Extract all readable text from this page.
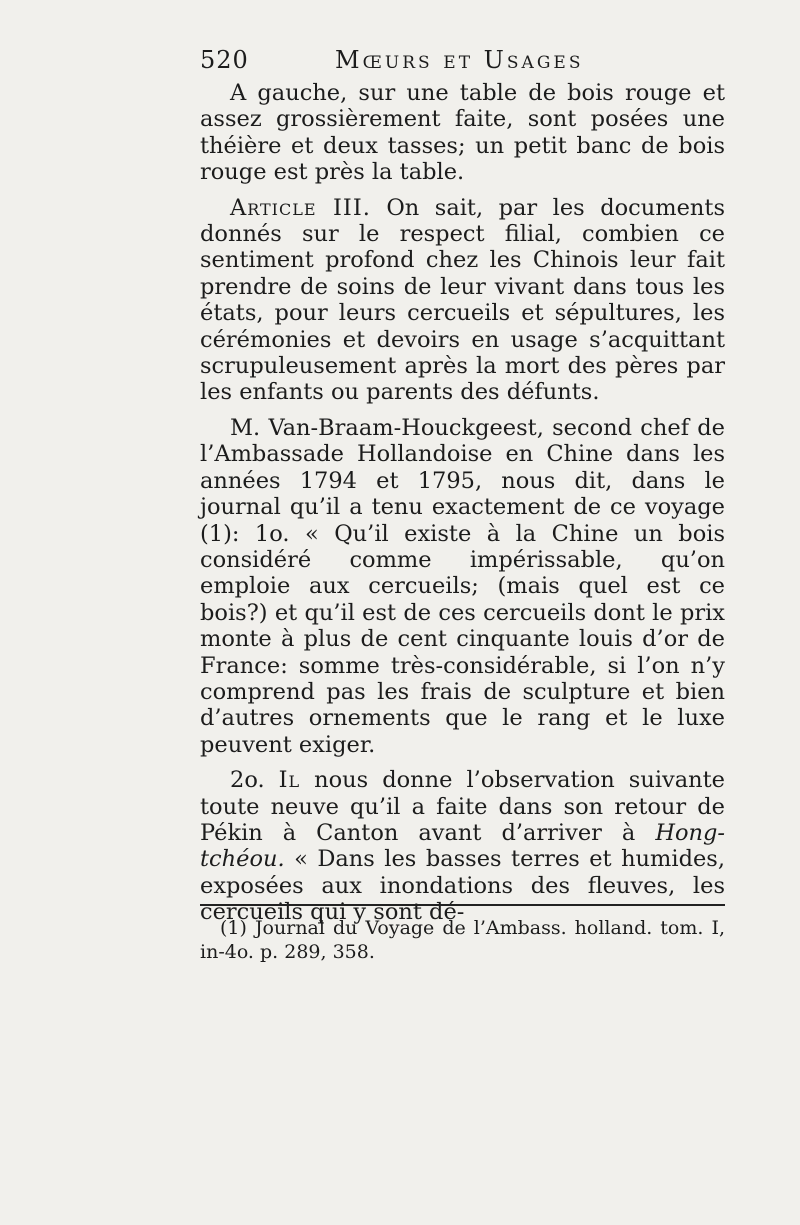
520	Mœurs et Usages

A gauche, sur une table de bois rouge et assez grossièrement faite, sont posées une théière et deux tasses; un petit banc de bois rouge est près la table.

Article III. On sait, par les documents donnés sur le respect filial, combien ce sentiment profond chez les Chinois leur fait prendre de soins de leur vivant dans tous les états, pour leurs cercueils et sépultures, les cérémonies et devoirs en usage s’acquittant scrupuleusement après la mort des pères par les enfants ou parents des défunts.

M. Van-Braam-Houckgeest, second chef de l’Ambassade Hollandoise en Chine dans les années 1794 et 1795, nous dit, dans le journal qu’il a tenu exactement de ce voyage (1): 1o. « Qu’il existe à la Chine un bois considéré comme impérissable, qu’on emploie aux cercueils; (mais quel est ce bois?) et qu’il est de ces cercueils dont le prix monte à plus de cent cinquante louis d’or de France: somme très-considérable, si l’on n’y comprend pas les frais de sculpture et bien d’autres ornements que le rang et le luxe peuvent exiger.

2o. Il nous donne l’observation suivante toute neuve qu’il a faite dans son retour de Pékin à Canton avant d’arriver à Hong-tchéou. « Dans les basses terres et humides, exposées aux inondations des fleuves, les cercueils qui y sont dé-

(1) Journal du Voyage de l’Ambass. holland. tom. I, in-4o. p. 289, 358.
